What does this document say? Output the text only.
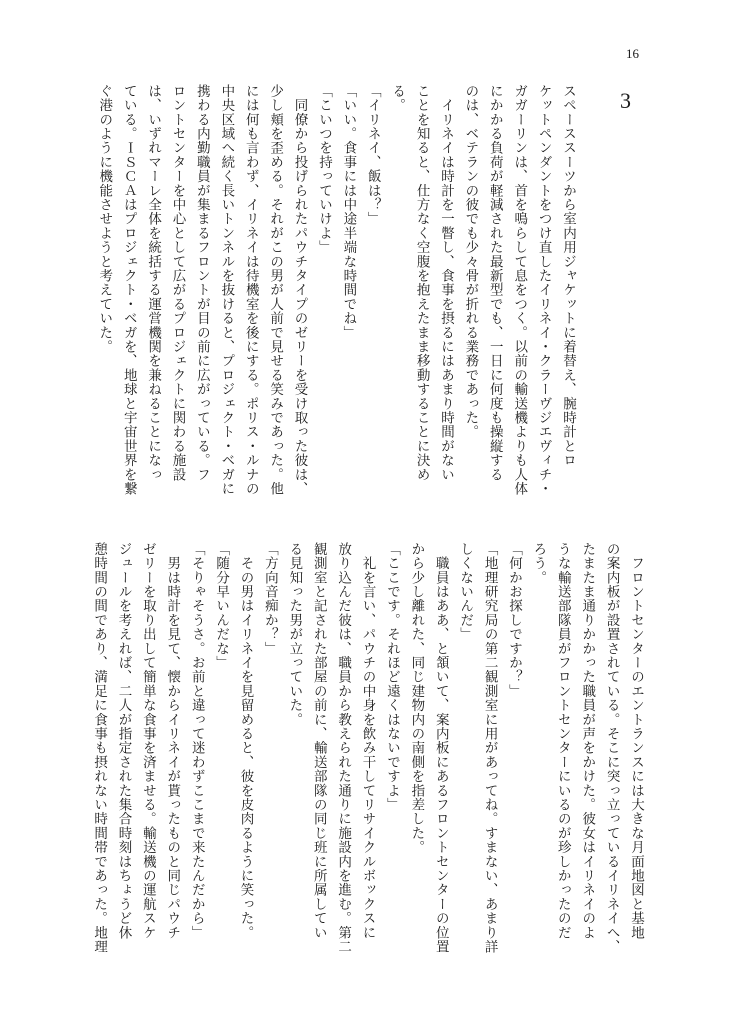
16
3

スペーススーツから室内用ジャケットに着替え、腕時計とロ

ケットペンダントをつけ直したイリネイ・クラーヴジエヴィチ・

ガガーリンは、首を鳴らして息をつく。以前の輸送機よりも人体

にかかる負荷が軽減された最新型でも、一日に何度も操縦する

のは、ベテランの彼でも少々骨が折れる業務であった。

　イリネイは時計を一瞥し、食事を摂るにはあまり時間がない

ことを知ると、仕方なく空腹を抱えたまま移動することに決め

る。

「イリネイ、飯は？」

「いい。食事には中途半端な時間でね」

「こいつを持っていけよ」

　同僚から投げられたパウチタイプのゼリーを受け取った彼は、

少し頬を歪める。それがこの男が人前で見せる笑みであった。他

には何も言わず、イリネイは待機室を後にする。ポリス・ルナの

中央区域へ続く長いトンネルを抜けると、プロジェクト・ベガに

携わる内勤職員が集まるフロントが目の前に広がっている。フ

ロントセンターを中心として広がるプロジェクトに関わる施設

は、いずれマーレ全体を統括する運営機関を兼ねることになっ

ている。ＩＳＣＡはプロジェクト・ベガを、地球と宇宙世界を繋

ぐ港のように機能させようと考えていた。

　フロントセンターのエントランスには大きな月面地図と基地

の案内板が設置されている。そこに突っ立っているイリネイへ、

たまたま通りかかった職員が声をかけた。彼女はイリネイのよ

うな輸送部隊員がフロントセンターにいるのが珍しかったのだ

ろう。

「何かお探しですか？」

「地理研究局の第二観測室に用があってね。すまない、あまり詳

しくないんだ」

　職員はああ、と頷いて、案内板にあるフロントセンターの位置

から少し離れた、同じ建物内の南側を指差した。

「ここです。それほど遠くはないですよ」

　礼を言い、パウチの中身を飲み干してリサイクルボックスに

放り込んだ彼は、職員から教えられた通りに施設内を進む。第二

観測室と記された部屋の前に、輸送部隊の同じ班に所属してい

る見知った男が立っていた。

「方向音痴か？」

　その男はイリネイを見留めると、彼を皮肉るように笑った。

「随分早いんだな」

「そりゃそうさ。お前と違って迷わずここまで来たんだから」

　男は時計を見て、懐からイリネイが貰ったものと同じパウチ

ゼリーを取り出して簡単な食事を済ませる。輸送機の運航スケ

ジュールを考えれば、二人が指定された集合時刻はちょうど休

憩時間の間であり、満足に食事も摂れない時間帯であった。地理
